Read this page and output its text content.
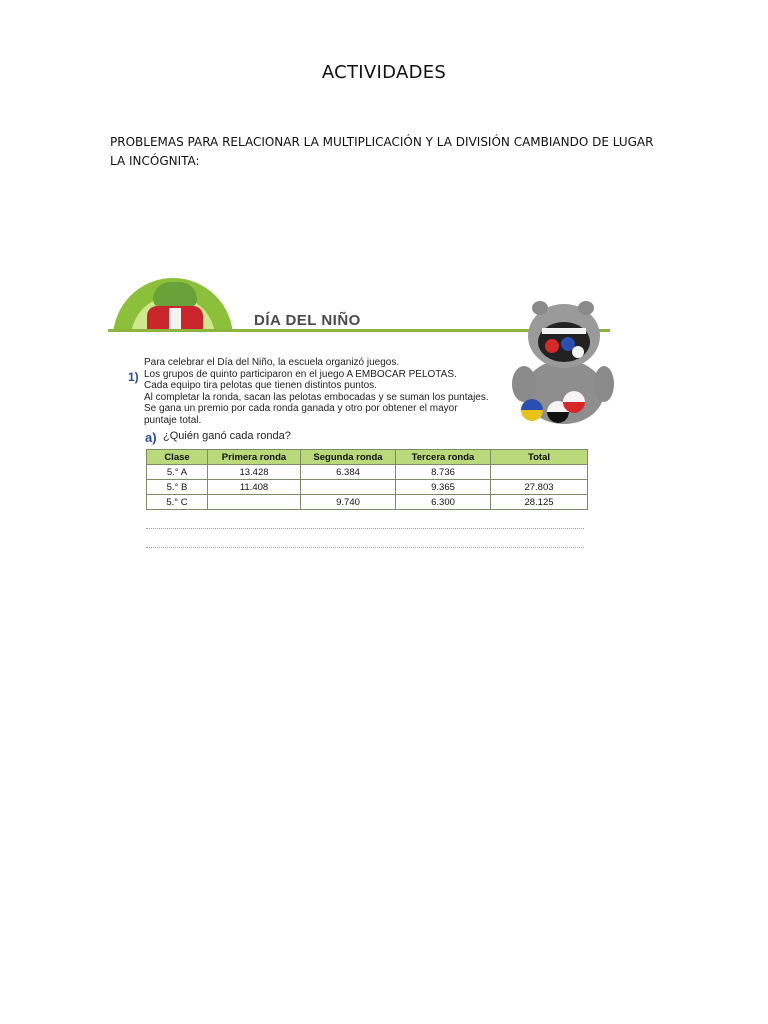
ACTIVIDADES
PROBLEMAS PARA RELACIONAR LA MULTIPLICACIÓN Y LA DIVISIÓN CAMBIANDO DE LUGAR LA INCÓGNITA:
DÍA DEL NIÑO
1)
Para celebrar el Día del Niño, la escuela organizó juegos.
Los grupos de quinto participaron en el juego A EMBOCAR PELOTAS.
Cada equipo tira pelotas que tienen distintos puntos.
Al completar la ronda, sacan las pelotas embocadas y se suman los puntajes.
Se gana un premio por cada ronda ganada y otro por obtener el mayor
puntaje total.
a) ¿Quién ganó cada ronda?
Clase	Primera ronda	Segunda ronda	Tercera ronda	Total
5.° A	13.428	6.384	8.736	
5.° B	11.408		9.365	27.803
5.° C		9.740	6.300	28.125
